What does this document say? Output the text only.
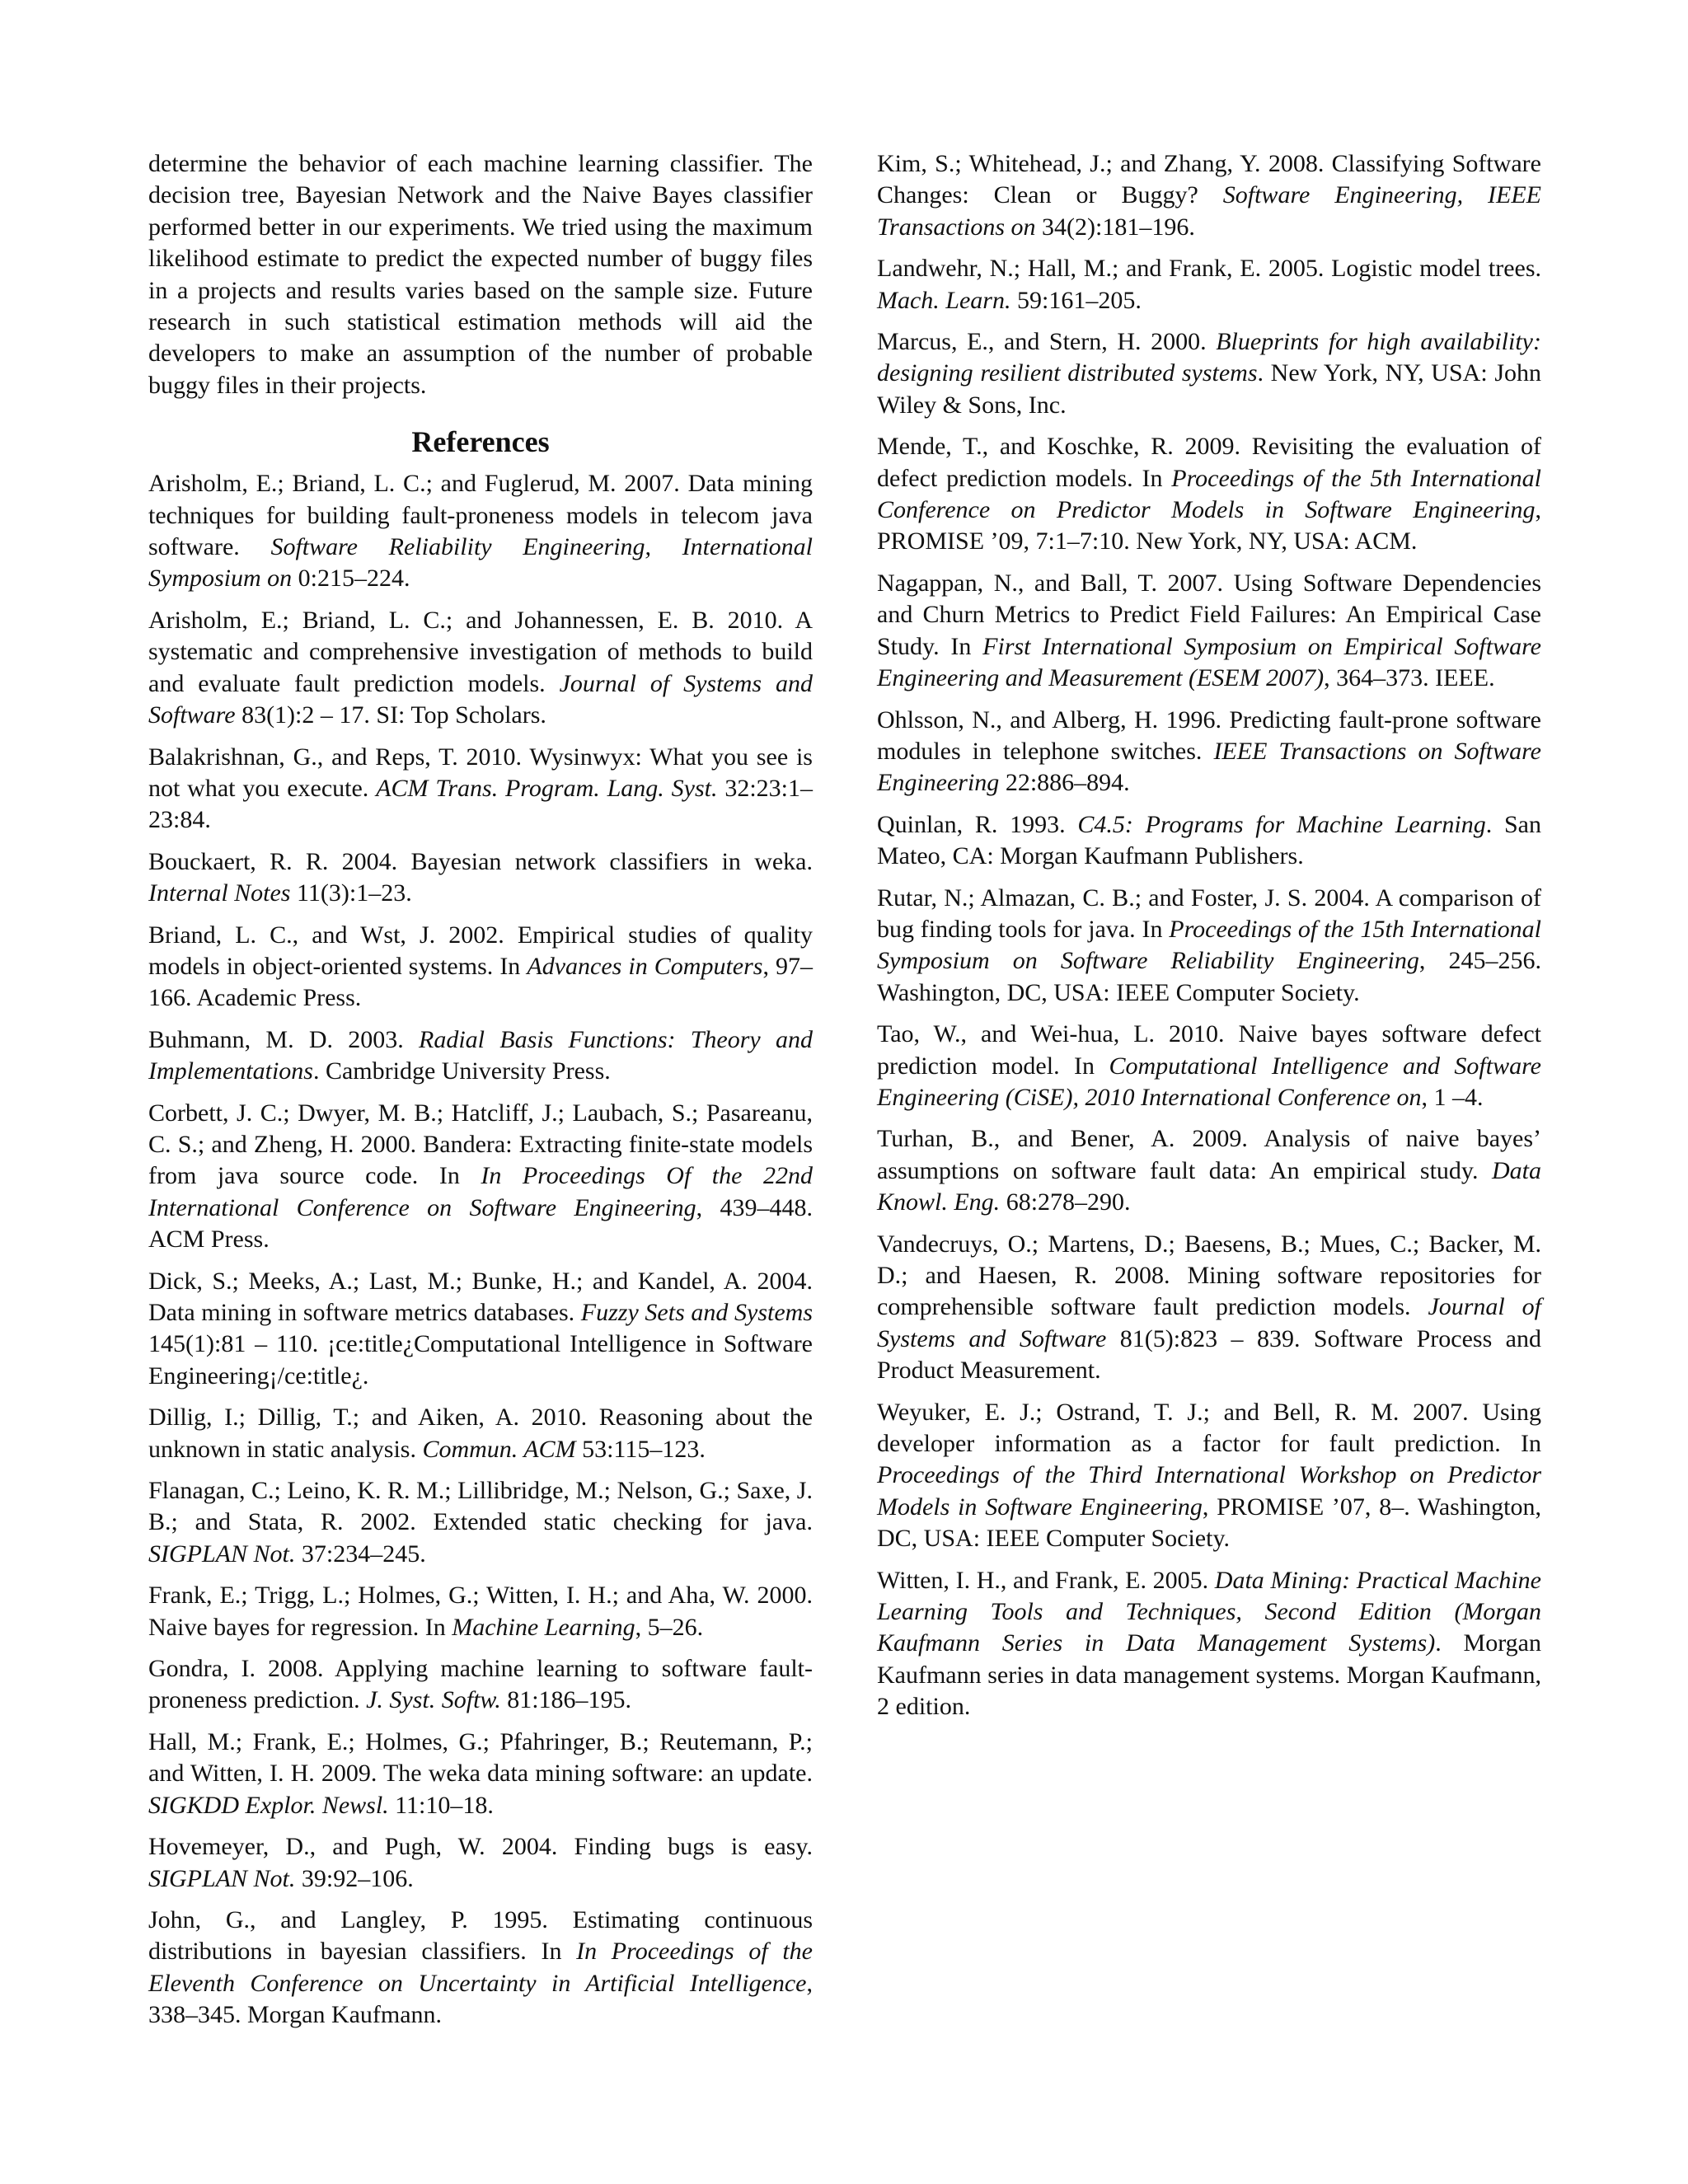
determine the behavior of each machine learning classifier. The decision tree, Bayesian Network and the Naive Bayes classifier performed better in our experiments. We tried using the maximum likelihood estimate to predict the expected number of buggy files in a projects and results varies based on the sample size. Future research in such statistical estimation methods will aid the developers to make an assumption of the number of probable buggy files in their projects.

References

Arisholm, E.; Briand, L. C.; and Fuglerud, M. 2007. Data mining techniques for building fault-proneness models in telecom java software. Software Reliability Engineering, International Symposium on 0:215–224.

Arisholm, E.; Briand, L. C.; and Johannessen, E. B. 2010. A systematic and comprehensive investigation of methods to build and evaluate fault prediction models. Journal of Systems and Software 83(1):2 – 17. SI: Top Scholars.

Balakrishnan, G., and Reps, T. 2010. Wysinwyx: What you see is not what you execute. ACM Trans. Program. Lang. Syst. 32:23:1–23:84.

Bouckaert, R. R. 2004. Bayesian network classifiers in weka. Internal Notes 11(3):1–23.

Briand, L. C., and Wst, J. 2002. Empirical studies of quality models in object-oriented systems. In Advances in Computers, 97–166. Academic Press.

Buhmann, M. D. 2003. Radial Basis Functions: Theory and Implementations. Cambridge University Press.

Corbett, J. C.; Dwyer, M. B.; Hatcliff, J.; Laubach, S.; Pasareanu, C. S.; and Zheng, H. 2000. Bandera: Extracting finite-state models from java source code. In In Proceedings Of the 22nd International Conference on Software Engineering, 439–448. ACM Press.

Dick, S.; Meeks, A.; Last, M.; Bunke, H.; and Kandel, A. 2004. Data mining in software metrics databases. Fuzzy Sets and Systems 145(1):81 – 110. ¡ce:title¿Computational Intelligence in Software Engineering¡/ce:title¿.

Dillig, I.; Dillig, T.; and Aiken, A. 2010. Reasoning about the unknown in static analysis. Commun. ACM 53:115–123.

Flanagan, C.; Leino, K. R. M.; Lillibridge, M.; Nelson, G.; Saxe, J. B.; and Stata, R. 2002. Extended static checking for java. SIGPLAN Not. 37:234–245.

Frank, E.; Trigg, L.; Holmes, G.; Witten, I. H.; and Aha, W. 2000. Naive bayes for regression. In Machine Learning, 5–26.

Gondra, I. 2008. Applying machine learning to software fault-proneness prediction. J. Syst. Softw. 81:186–195.

Hall, M.; Frank, E.; Holmes, G.; Pfahringer, B.; Reutemann, P.; and Witten, I. H. 2009. The weka data mining software: an update. SIGKDD Explor. Newsl. 11:10–18.

Hovemeyer, D., and Pugh, W. 2004. Finding bugs is easy. SIGPLAN Not. 39:92–106.

John, G., and Langley, P. 1995. Estimating continuous distributions in bayesian classifiers. In In Proceedings of the Eleventh Conference on Uncertainty in Artificial Intelligence, 338–345. Morgan Kaufmann.

Kim, S.; Whitehead, J.; and Zhang, Y. 2008. Classifying Software Changes: Clean or Buggy? Software Engineering, IEEE Transactions on 34(2):181–196.

Landwehr, N.; Hall, M.; and Frank, E. 2005. Logistic model trees. Mach. Learn. 59:161–205.

Marcus, E., and Stern, H. 2000. Blueprints for high availability: designing resilient distributed systems. New York, NY, USA: John Wiley & Sons, Inc.

Mende, T., and Koschke, R. 2009. Revisiting the evaluation of defect prediction models. In Proceedings of the 5th International Conference on Predictor Models in Software Engineering, PROMISE ’09, 7:1–7:10. New York, NY, USA: ACM.

Nagappan, N., and Ball, T. 2007. Using Software Dependencies and Churn Metrics to Predict Field Failures: An Empirical Case Study. In First International Symposium on Empirical Software Engineering and Measurement (ESEM 2007), 364–373. IEEE.

Ohlsson, N., and Alberg, H. 1996. Predicting fault-prone software modules in telephone switches. IEEE Transactions on Software Engineering 22:886–894.

Quinlan, R. 1993. C4.5: Programs for Machine Learning. San Mateo, CA: Morgan Kaufmann Publishers.

Rutar, N.; Almazan, C. B.; and Foster, J. S. 2004. A comparison of bug finding tools for java. In Proceedings of the 15th International Symposium on Software Reliability Engineering, 245–256. Washington, DC, USA: IEEE Computer Society.

Tao, W., and Wei-hua, L. 2010. Naive bayes software defect prediction model. In Computational Intelligence and Software Engineering (CiSE), 2010 International Conference on, 1 –4.

Turhan, B., and Bener, A. 2009. Analysis of naive bayes’ assumptions on software fault data: An empirical study. Data Knowl. Eng. 68:278–290.

Vandecruys, O.; Martens, D.; Baesens, B.; Mues, C.; Backer, M. D.; and Haesen, R. 2008. Mining software repositories for comprehensible software fault prediction models. Journal of Systems and Software 81(5):823 – 839. Software Process and Product Measurement.

Weyuker, E. J.; Ostrand, T. J.; and Bell, R. M. 2007. Using developer information as a factor for fault prediction. In Proceedings of the Third International Workshop on Predictor Models in Software Engineering, PROMISE ’07, 8–. Washington, DC, USA: IEEE Computer Society.

Witten, I. H., and Frank, E. 2005. Data Mining: Practical Machine Learning Tools and Techniques, Second Edition (Morgan Kaufmann Series in Data Management Systems). Morgan Kaufmann series in data management systems. Morgan Kaufmann, 2 edition.
